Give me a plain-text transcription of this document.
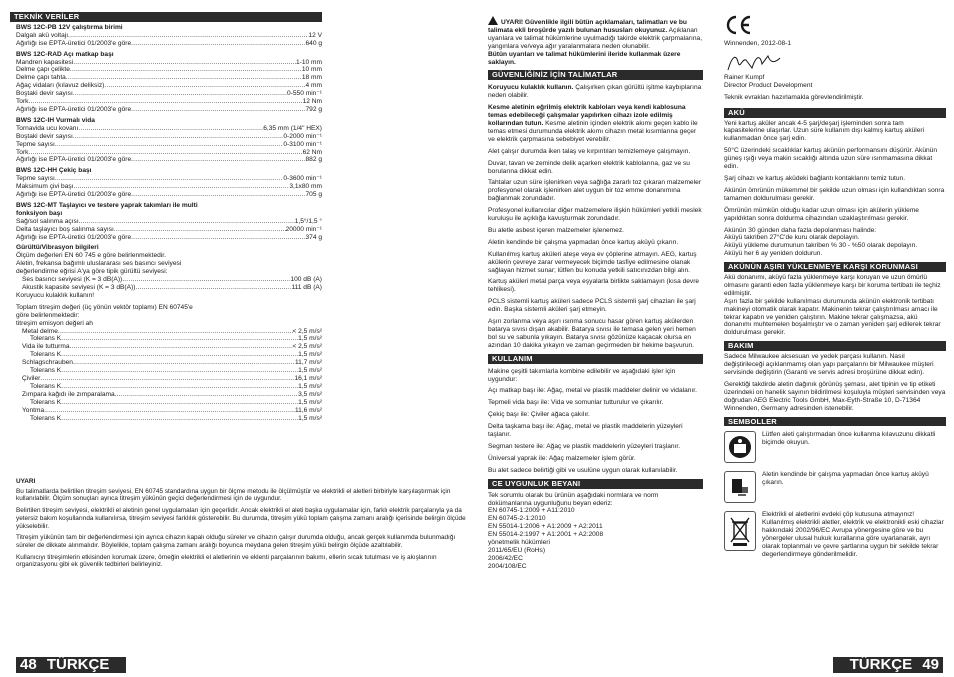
TEKNİK VERİLER
BWS 12C-PB 12V çalıştırma birimi
Dalgalı akü voltajı .....	12 V
Ağırlığı ise EPTA-üretici 01/2003'e göre .....	640 g
BWS 12C-RAD Açı matkap başı
Mandren kapasitesi .....	1-10 mm
Delme çapı çelikte .....	10 mm
Delme çapı tahta .....	18 mm
Ağaç vidaları (kılavuz deliksiz) .....	4 mm
Boştaki devir sayısı .....	0-550 min⁻¹
Tork .....	12 Nm
Ağırlığı ise EPTA-üretici 01/2003'e göre .....	792 g
BWS 12C-IH Vurmalı vida
Tornavida ucu kovanı .....	6,35 mm (1/4" HEX)
Boştaki devir sayısı .....	0-2000 min⁻¹
Tepme sayısı .....	0-3100 min⁻¹
Tork .....	62 Nm
Ağırlığı ise EPTA-üretici 01/2003'e göre .....	882 g
BWS 12C-HH Çekiç başı
Tepme sayısı .....	0-3600 min⁻¹
Maksimum çivi başı .....	3,1x80 mm
Ağırlığı ise EPTA-üretici 01/2003'e göre .....	705 g
BWS 12C-MT Taşlayıcı ve testere yaprak takımları ile multi fonksiyon başı
Sağ/sol salınma açısı .....	1,5°/1,5 °
Delta taşlayıcı boş salınma sayısı .....	20000 min⁻¹
Ağırlığı ise EPTA-üretici 01/2003'e göre .....	374 g
Gürültü/Vibrasyon bilgileri
Ölçüm değerleri EN 60 745 e göre belirlenmektedir.
Aletin, frekansa bağımlı uluslararası ses basıncı seviyesi
değerlendirme eğrisi A'ya göre tipik gürültü seviyesi:
Ses basıncı seviyesi (K = 3 dB(A)) .....	100 dB (A)
Akustik kapasite seviyesi (K = 3 dB(A)) .....	111 dB (A)
Koruyucu kulaklık kullanın!
Toplam titreşim değeri (üç yönün vektör toplamı) EN 60745'e
göre belirlenmektedir:
titreşim emisyon değeri ah
Metal delme .....	< 2,5 m/s²
Tolerans K .....	1,5 m/s²
Vida ile tutturma .....	< 2,5 m/s²
Tolerans K .....	1,5 m/s²
Schlagschrauben .....	11,7 m/s²
Tolerans K .....	1,5 m/s²
Çiviler .....	16,1 m/s²
Tolerans K .....	1,5 m/s²
Zımpara kağıdı ile zımparalama .....	3,5 m/s²
Tolerans K .....	1,5 m/s²
Yontma .....	11,6 m/s²
Tolerans K .....	1,5 m/s²
UYARI

Bu talimatlarda belirtilen titreşim seviyesi, EN 60745 standardına uygun bir ölçme metodu ile ölçülmüştür ve elektrikli el aletleri birbiriyle karşılaştırmak için kullanılabilir. Ölçüm sonuçları ayrıca titreşim yükünün geçici değerlendirmesi için de uygundur.

Belirtilen titreşim seviyesi, elektrikli el aletinin genel uygulamaları için geçerlidir. Ancak elektrikli el aleti başka uygulamalar için, farklı elektrik parçalarıyla ya da yetersiz bakım koşullarında kullanılırsa, titreşim seviyesi farklılık gösterebilir. Bu durumda, titreşim yükü toplam çalışma zamanı aralığı içerisinde belirgin ölçüde yükselebilir.

Titreşim yükünün tam bir değerlendirmesi için ayrıca cihazın kapalı olduğu süreler ve cihazın çalışır durumda olduğu, ancak gerçek kullanımda bulunmadığı süreler de dikkate alınmalıdır. Böylelikle, toplam çalışma zamanı aralığı boyunca meydana gelen titreşim yükü belirgin ölçüde azaltılabilir.

Kullanıcıyı titreşimlerin etkisinden korumak üzere, örneğin elektrikli el aletlerinin ve eklenti parçalarının bakımı, ellerin sıcak tutulması ve iş akışlarının organizasyonu gibi ek güvenlik tedbirleri belirleyiniz.

48 TÜRKÇE

UYARI! Güvenlikle ilgili bütün açıklamaları, talimatları ve bu talimata ekli broşürde yazılı bulunan hususları okuyunuz. Açıklanan uyarılara ve talimat hükümlerine uyulmadığı takirde elektrik çarpmalarına, yangınlara ve/veya ağır yaralanmalara neden olunabilir.
Bütün uyarıları ve talimat hükümlerini ileride kullanmak üzere saklayın.

GÜVENLİĞİNİZ İÇİN TALİMATLAR

Koruyucu kulaklık kullanın. Çalışırken çıkan gürültü işitme kaybıplarına neden olabilir.

Kesme aletinin eğrilmiş elektrik kabloları veya kendi kablosuna temas edebileceği çalışmalar yapılırken cihazı izole edilmiş kollarından tutun. Kesme aletinin içinden elektrik akımı geçen kablo ile temas etmesi durumunda elektrik akımı cihazın metal kısımlarına geçer ve elektrik çarpmasına sebebiyet verebilir.

Alet çalışır durumda iken talaş ve kırpıntıları temizlemeye çalışmayın.

Duvar, tavan ve zeminde delik açarken elektrik kablolarına, gaz ve su borularına dikkat edin.

Tahtalar uzun süre işlenirken veya sağlığa zararlı toz çıkaran malzemeler profesyonel olarak işlenirken alet uygun bir toz emme donanımına bağlanmak zorundadır.

Profesyonel kullanıcılar diğer malzemelere ilişkin hükümleri yetkili meslek kuruluşu ile açıklığa kavuşturmak zorundadır.

Bu aletle asbest içeren malzemeler işlenemez.

Aletin kendinde bir çalışma yapmadan önce kartuş aküyü çıkarın.

Kullanılmış kartuş aküleri ateşe veya ev çöplerine atmayın. AEG, kartuş akülerin çevreye zarar vermeyecek biçimde tasfiye edilmesine olanak sağlayan hizmet sunar; lütfen bu konuda yetkili satıcınızdan bilgi alın.

Kartuş aküleri metal parça veya eşyalarla birlikte saklamayın (kısa devre tehlikesi).

PCLS sistemli kartuş aküleri sadece PCLS sistemli şarj cihazları ile şarj edin. Başka sistemli aküleri şarj etmeyin.

Aşırı zorlanma veya aşırı ısınma sonucu hasar gören kartuş akülerden batarya sıvısı dışarı akabilir. Batarya sıvısı ile temasa gelen yeri hemen bol su ve sabunla yıkayın. Batarya sıvısı gözünüze kaçacak olursa en azından 10 dakika yıkayın ve zaman geçirmeden bir hekime başvurun.

KULLANIM

Makine çeşitli takımlarla kombine edilebilir ve aşağıdaki işler için uygundur:

Açı matkap başı ile: Ağaç, metal ve plastik maddeler delinir ve vidalanır.

Tepmeli vida başı ile: Vida ve somunlar tutturulur ve çıkarılır.

Çekiç başı ile: Çiviler ağaca çakılır.

Delta taşkama başı ile: Ağaç, metal ve plastik maddelerin yüzeyleri taşlanır.

Segman testere ile: Ağaç ve plastik maddelerin yüzeyleri traşlanır.

Üniversal yaprak ile: Ağaç malzemeler işlem görür.

Bu alet sadece belirtiği gibi ve usulüne uygun olarak kullanılabilir.

CE UYGUNLUK BEYANI
Tek sorumlu olarak bu ürünün aşağıdaki normlara ve norm dokümanlarına uygunluğunu beyan ederiz:
EN 60745-1:2009 + A11:2010
EN 60745-2-1:2010
EN 55014-1:2006 + A1:2009 + A2:2011
EN 55014-2:1997 + A1:2001 + A2:2008
yönetmelik hükümleri
2011/65/EU (RoHs)
2006/42/EC
2004/108/EC
Winnenden, 2012-08-1
Rainer Kumpf
Director Product Development
Teknik evrakları hazırlamakla görevlendirilmiştir.
AKÜ

Yeni kartuş aküler ancak 4-5 şarj/deşarj işleminden sonra tam kapasitelerine ulaşırlar. Uzun süre kullanım dışı kalmış kartuş aküleri kullanmadan önce şarj edin.

50°C üzerindeki sıcaklıklar kartuş akünün performansını düşürür. Akünün güneş ışığı veya makin sıcaklığı altında uzun süre ısınmamasına dikkat edin.

Şarj cihazı ve kartuş aküdeki bağlantı kontaklarını temiz tutun.

Akünün ömrünün mükemmel bir şekilde uzun olması için kullandıktan sonra tamamen doldurulması gerekir.

Ömrünün mümkün olduğu kadar uzun olması için akülerin yükleme yapıldıktan sonra doldurma cihazından uzaklaştırılması gerekir.

Akünün 30 günden daha fazla depolanması halinde:
Aküyü takriben 27°C'de kuru olarak depolayın.
Aküyü yükleme durumunun takriben % 30 - %50 olarak depolayın.
Aküyü her 6 ay yeniden doldurun.

AKÜNÜN AŞIRI YÜKLENMEYE KARŞI KORUNMASI

Akü donanımı, aküyü fazla yüklenmeye karşı koruyan ve uzun ömürlü olmasını garanti eden fazla yüklenmeye karşı bir koruma tertibatı ile teçhiz edilmiştir.
Aşırı fazla bir şekilde kullanılması durumunda akünün elektronik tertibatı makineyi otomatik olarak kapatır. Makinenin tekrar çalıştırılması amacı ile tekrar kapatın ve yeniden çalıştırın. Makine tekrar çalışmazsa, akü donanımı muhtemelen boşalmıştır ve o zaman yeniden şarj edilerek tekrar doldurulması gerekir.

BAKIM

Sadece Milwaukee aksesuarı ve yedek parçası kullanın. Nasıl değiştirileceği açıklanmamış olan yapı parçalarını bir Milwaukee müşteri servisinde değiştirin (Garanti ve servis adresi broşürüne dikkat edin).

Gerektiği takdirde aletin dağınık görünüş şeması, alet tipinin ve tip etiketi üzerindeki on hanelik sayının bildirilmesi koşuluyla müşteri servisinden veya doğrudan AEG Electric Tools GmbH, Max-Eyth-Straße 10, D-71364 Winnenden, Germany adresinden istenebilir.

SEMBOLLER
Lütfen aleti çalıştırmadan önce kullanma kılavuzunu dikkatli biçimde okuyun.
Aletin kendinde bir çalışma yapmadan önce kartuş aküyü çıkarın.
Elektrikli el aletlerini evdeki çöp kutusuna atmayınız! Kullanılmış elektrikli aletler, elektrik ve elektronikli eski cihazlar hakkındaki 2002/96/EC Avrupa yönergesine göre ve bu yönergeler ulusal hukuk kurallarına göre uyarlanarak, ayrı olarak toplanmalı ve çevre şartlarına uygun bir sekilde tekrar degerlendirmeye gönderilmelidir.
TÜRKÇE 49
